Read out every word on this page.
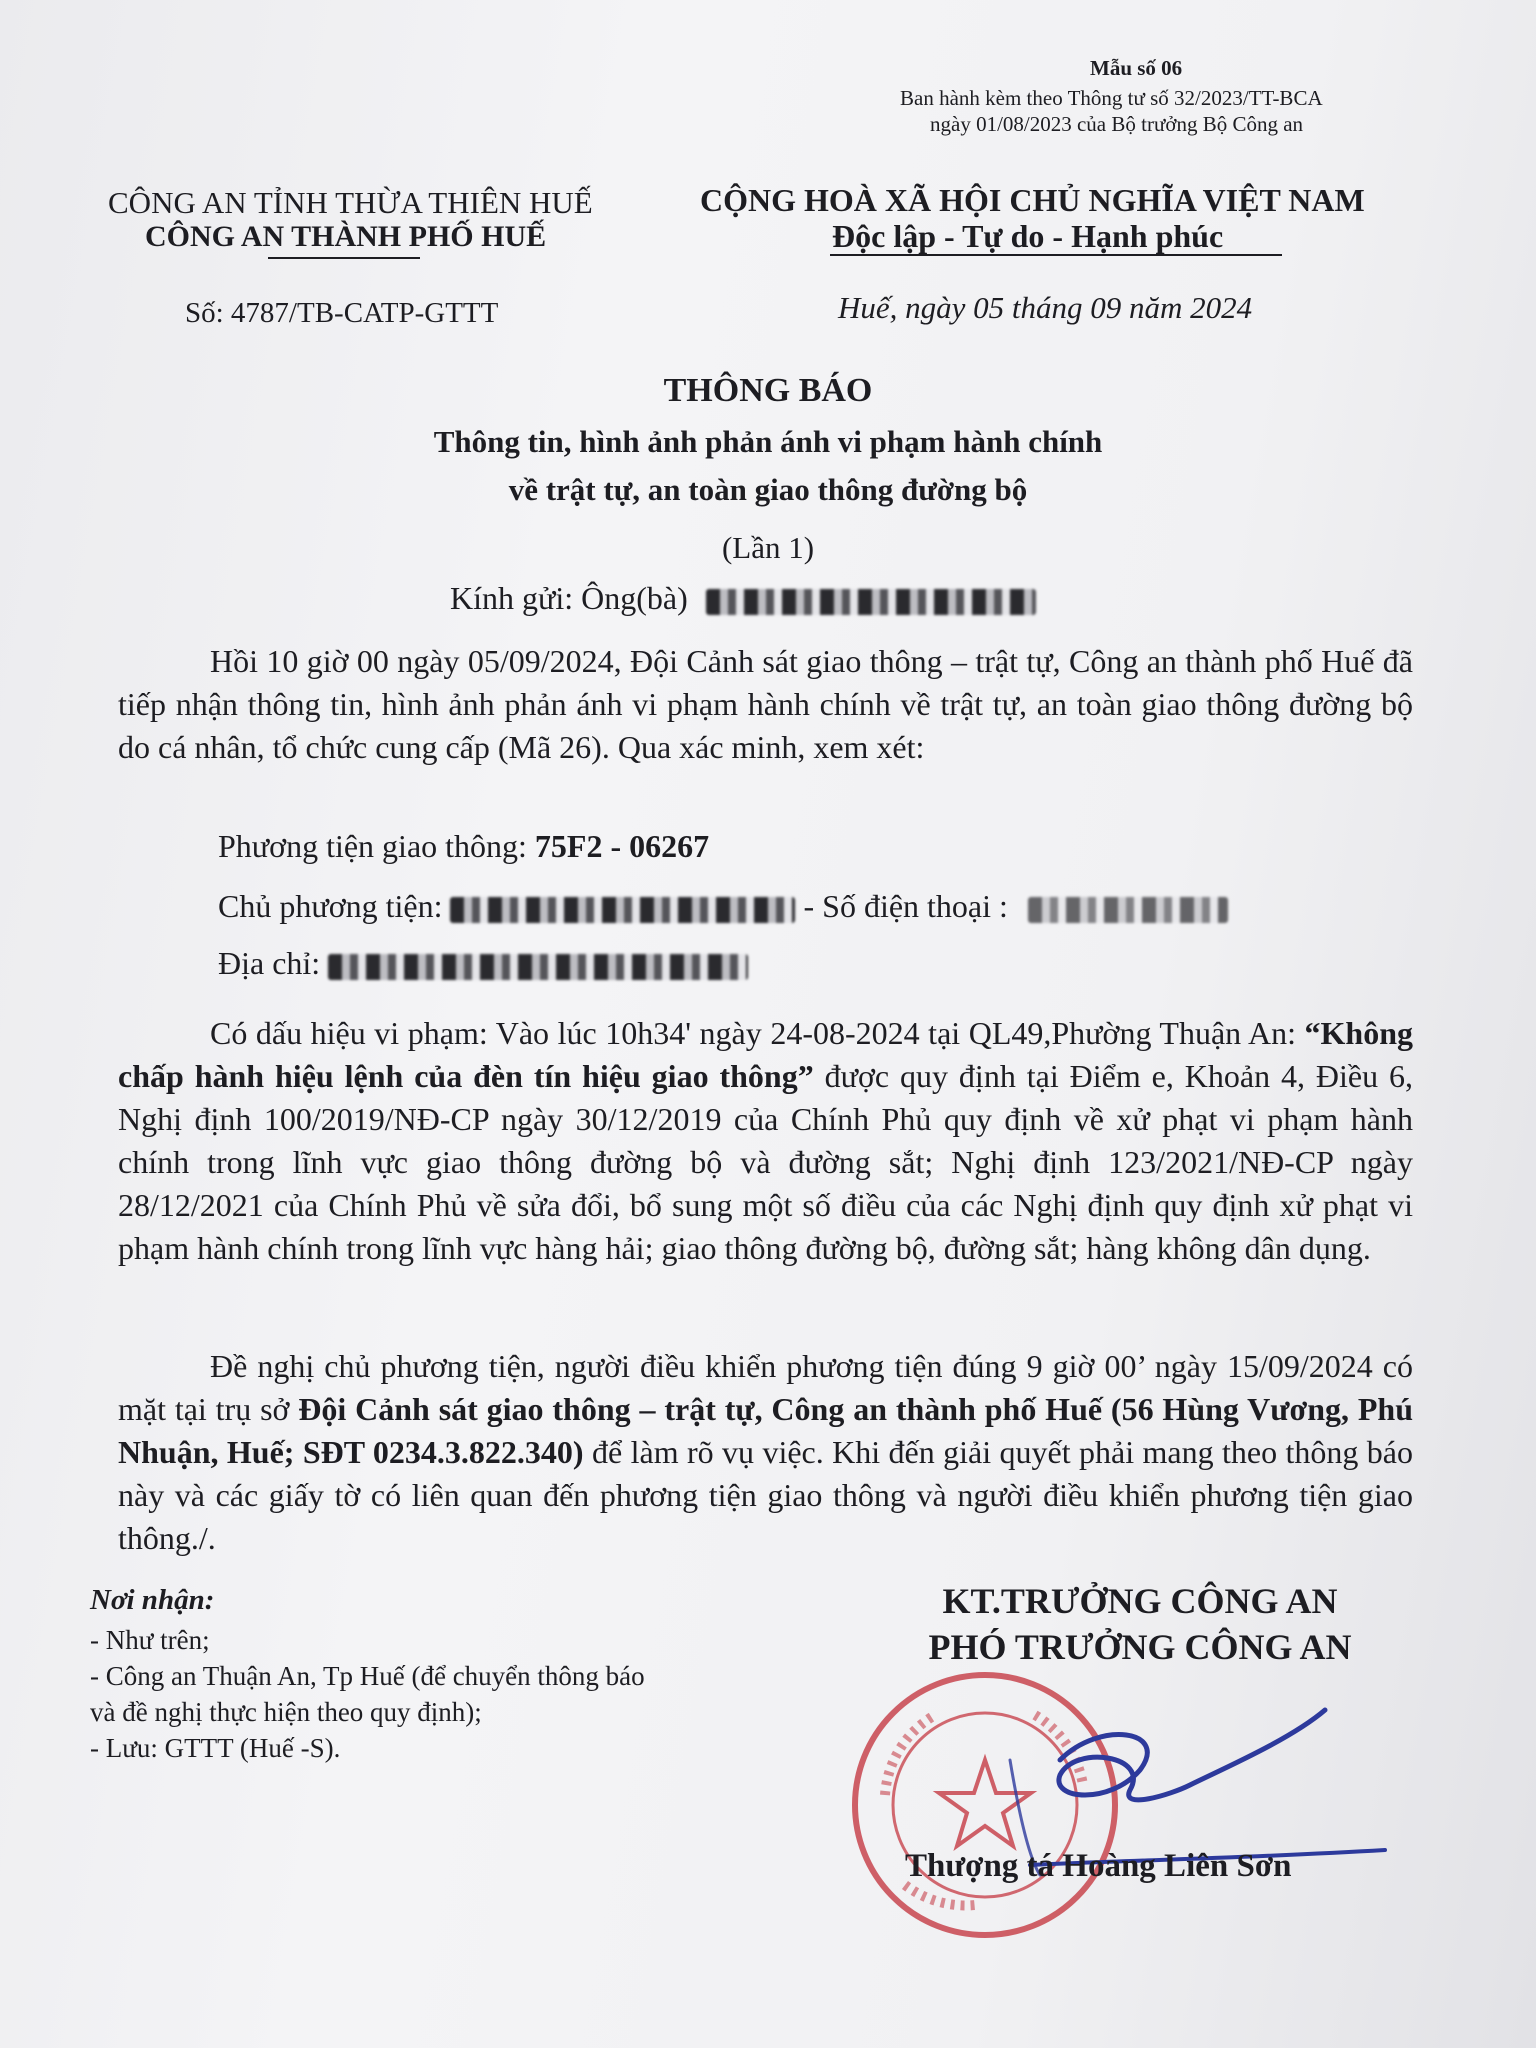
Mẫu số 06
Ban hành kèm theo Thông tư số 32/2023/TT-BCA
ngày 01/08/2023 của Bộ trưởng Bộ Công an
CÔNG AN TỈNH THỪA THIÊN HUẾ
CÔNG AN THÀNH PHỐ HUẾ
Số: 4787/TB-CATP-GTTT
CỘNG HOÀ XÃ HỘI CHỦ NGHĨA VIỆT NAM
Độc lập - Tự do - Hạnh phúc
Huế, ngày 05 tháng 09 năm 2024
THÔNG BÁO
Thông tin, hình ảnh phản ánh vi phạm hành chính
về trật tự, an toàn giao thông đường bộ
(Lần 1)
Kính gửi: Ông(bà)

Hồi 10 giờ 00 ngày 05/09/2024, Đội Cảnh sát giao thông – trật tự, Công an thành phố Huế đã tiếp nhận thông tin, hình ảnh phản ánh vi phạm hành chính về trật tự, an toàn giao thông đường bộ do cá nhân, tổ chức cung cấp (Mã 26). Qua xác minh, xem xét:

Phương tiện giao thông: 75F2 - 06267
Chủ phương tiện:	- Số điện thoại :
Địa chỉ:

Có dấu hiệu vi phạm: Vào lúc 10h34' ngày 24-08-2024 tại QL49,Phường Thuận An: “Không chấp hành hiệu lệnh của đèn tín hiệu giao thông” được quy định tại Điểm e, Khoản 4, Điều 6, Nghị định 100/2019/NĐ-CP ngày 30/12/2019 của Chính Phủ quy định về xử phạt vi phạm hành chính trong lĩnh vực giao thông đường bộ và đường sắt; Nghị định 123/2021/NĐ-CP ngày 28/12/2021 của Chính Phủ về sửa đổi, bổ sung một số điều của các Nghị định quy định xử phạt vi phạm hành chính trong lĩnh vực hàng hải; giao thông đường bộ, đường sắt; hàng không dân dụng.

Đề nghị chủ phương tiện, người điều khiển phương tiện đúng 9 giờ 00’ ngày 15/09/2024 có mặt tại trụ sở Đội Cảnh sát giao thông – trật tự, Công an thành phố Huế (56 Hùng Vương, Phú Nhuận, Huế; SĐT 0234.3.822.340) để làm rõ vụ việc. Khi đến giải quyết phải mang theo thông báo này và các giấy tờ có liên quan đến phương tiện giao thông và người điều khiển phương tiện giao thông./.

Nơi nhận:
- Như trên;
- Công an Thuận An, Tp Huế (để chuyển thông báo
và đề nghị thực hiện theo quy định);
- Lưu: GTTT (Huế -S).
KT.TRƯỞNG CÔNG AN
PHÓ TRƯỞNG CÔNG AN
Thượng tá Hoàng Liên Sơn
